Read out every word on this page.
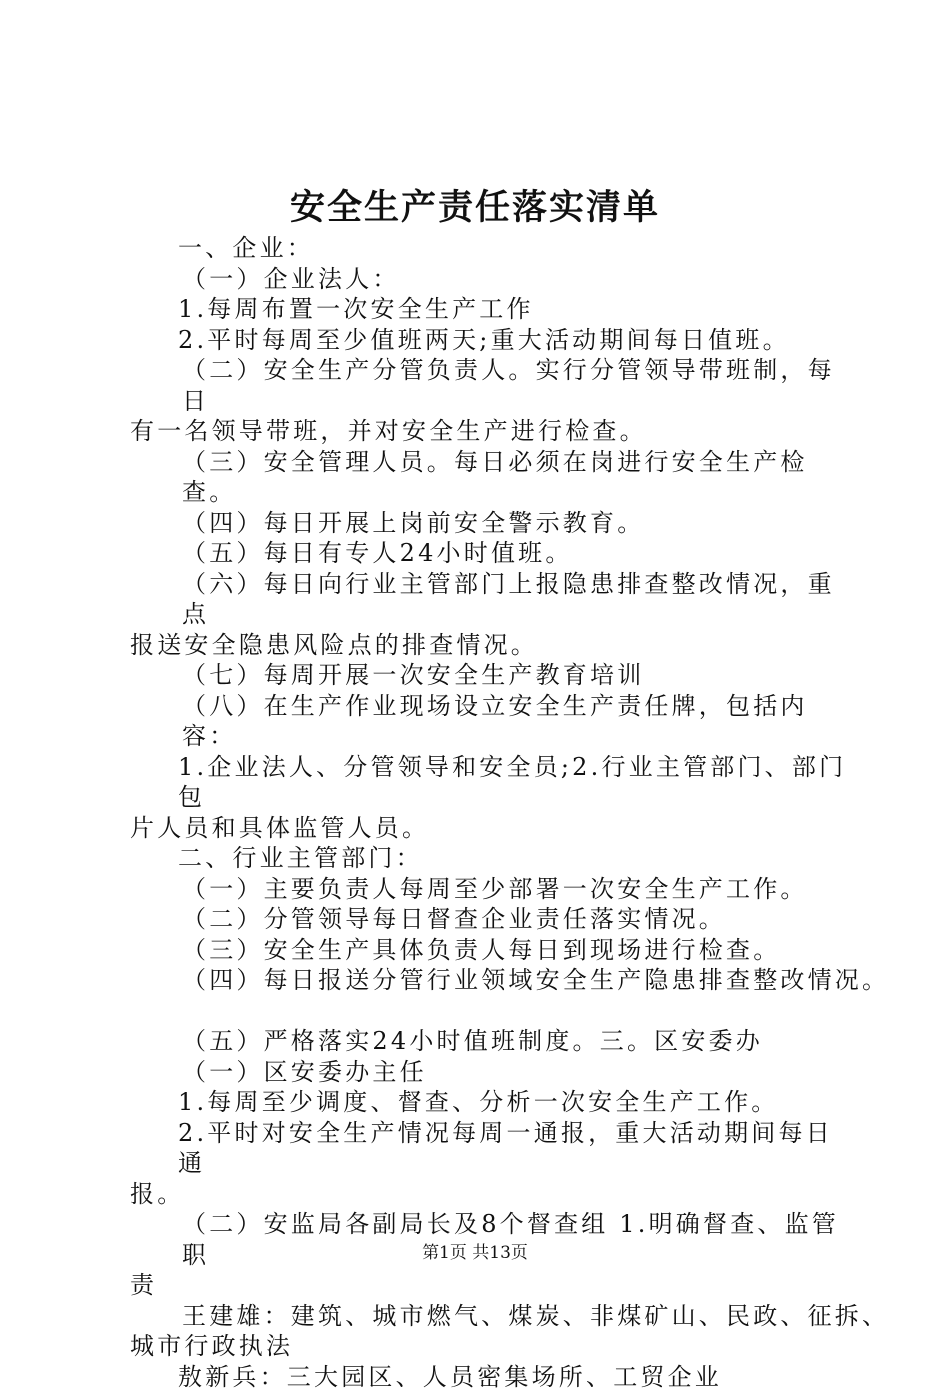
安全生产责任落实清单

一、企业：

（一）企业法人：

1.每周布置一次安全生产工作

2.平时每周至少值班两天;重大活动期间每日值班。

（二）安全生产分管负责人。实行分管领导带班制，每日

有一名领导带班，并对安全生产进行检查。

（三）安全管理人员。每日必须在岗进行安全生产检查。

（四）每日开展上岗前安全警示教育。

（五）每日有专人24小时值班。

（六）每日向行业主管部门上报隐患排查整改情况，重点

报送安全隐患风险点的排查情况。

（七）每周开展一次安全生产教育培训

（八）在生产作业现场设立安全生产责任牌，包括内容：

1.企业法人、分管领导和安全员;2.行业主管部门、部门包

片人员和具体监管人员。

二、行业主管部门：

（一）主要负责人每周至少部署一次安全生产工作。

（二）分管领导每日督查企业责任落实情况。

（三）安全生产具体负责人每日到现场进行检查。

（四）每日报送分管行业领域安全生产隐患排查整改情况。

（五）严格落实24小时值班制度。三。区安委办

（一）区安委办主任

1.每周至少调度、督查、分析一次安全生产工作。

2.平时对安全生产情况每周一通报，重大活动期间每日通

报。

（二）安监局各副局长及8个督查组 1.明确督查、监管职

责

王建雄：建筑、城市燃气、煤炭、非煤矿山、民政、征拆、

城市行政执法

敖新兵：三大园区、人员密集场所、工贸企业

第1页 共13页
